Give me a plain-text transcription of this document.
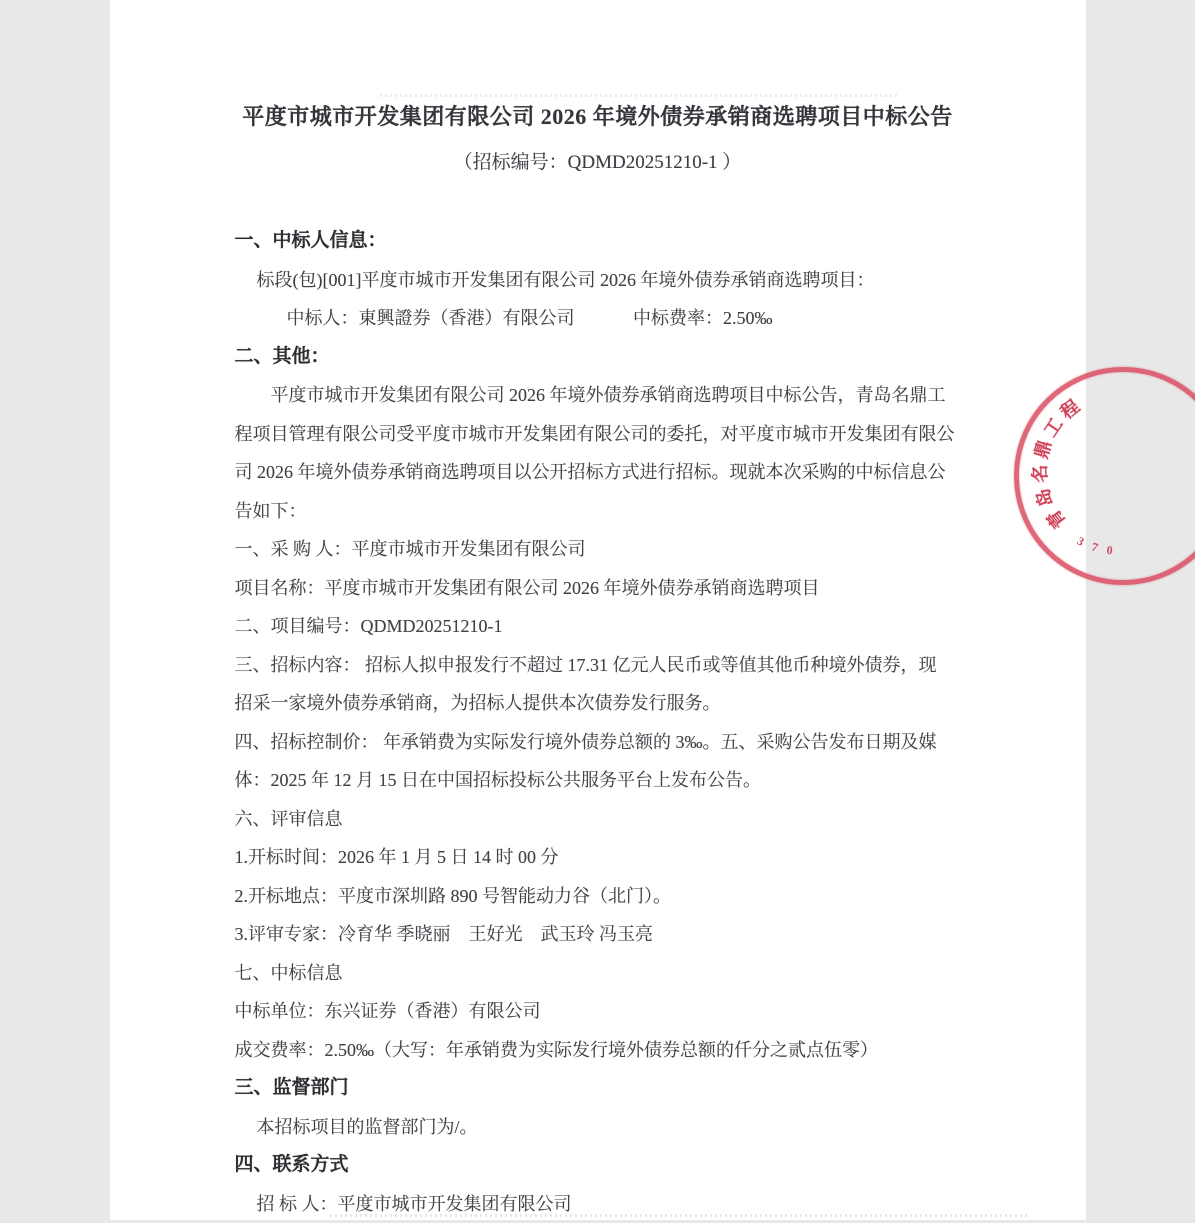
平度市城市开发集团有限公司 2026 年境外债券承销商选聘项目中标公告
（招标编号：QDMD20251210-1 ）
一、中标人信息：
标段(包)[001]平度市城市开发集团有限公司 2026 年境外债券承销商选聘项目：
中标人：東興證券（香港）有限公司　　　 中标费率：2.50‰
二、其他：
平度市城市开发集团有限公司 2026 年境外债券承销商选聘项目中标公告，青岛名鼎工
程项目管理有限公司受平度市城市开发集团有限公司的委托，对平度市城市开发集团有限公
司 2026 年境外债券承销商选聘项目以公开招标方式进行招标。现就本次采购的中标信息公
告如下：
一、采 购 人：平度市城市开发集团有限公司
项目名称：平度市城市开发集团有限公司 2026 年境外债券承销商选聘项目
二、项目编号：QDMD20251210-1
三、招标内容： 招标人拟申报发行不超过 17.31 亿元人民币或等值其他币种境外债券，现
招采一家境外债券承销商，为招标人提供本次债券发行服务。
四、招标控制价： 年承销费为实际发行境外债券总额的 3‰。五、采购公告发布日期及媒
体：2025 年 12 月 15 日在中国招标投标公共服务平台上发布公告。
六、评审信息
1.开标时间：2026 年 1 月 5 日 14 时 00 分
2.开标地点：平度市深圳路 890 号智能动力谷（北门）。
3.评审专家：冷育华 季晓丽　王好光　武玉玲 冯玉亮
七、中标信息
中标单位：东兴证券（香港）有限公司
成交费率：2.50‰（大写：年承销费为实际发行境外债券总额的仟分之贰点伍零）
三、监督部门
本招标项目的监督部门为/。
四、联系方式
招 标 人：平度市城市开发集团有限公司
青
岛
名
鼎
工
程
3 7 0
